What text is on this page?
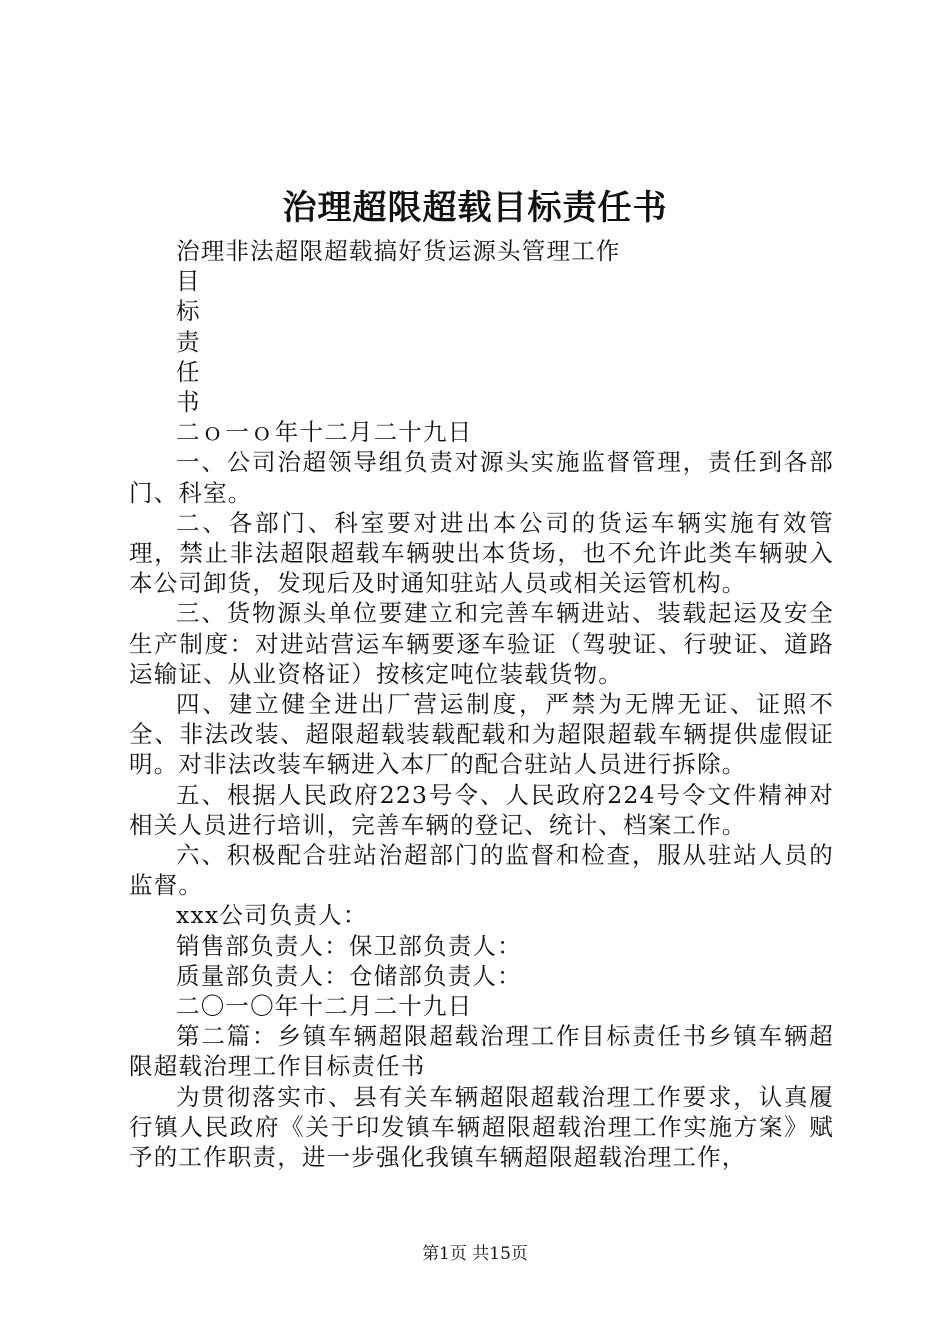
治理超限超载目标责任书

治理非法超限超载搞好货运源头管理工作

目

标

责

任

书

二ｏ一ｏ年十二月二十九日

一、公司治超领导组负责对源头实施监督管理，责任到各部门、科室。

二、各部门、科室要对进出本公司的货运车辆实施有效管理，禁止非法超限超载车辆驶出本货场，也不允许此类车辆驶入本公司卸货，发现后及时通知驻站人员或相关运管机构。

三、货物源头单位要建立和完善车辆进站、装载起运及安全生产制度：对进站营运车辆要逐车验证（驾驶证、行驶证、道路运输证、从业资格证）按核定吨位装载货物。

四、建立健全进出厂营运制度，严禁为无牌无证、证照不全、非法改装、超限超载装载配载和为超限超载车辆提供虚假证明。对非法改装车辆进入本厂的配合驻站人员进行拆除。

五、根据人民政府223号令、人民政府224号令文件精神对相关人员进行培训，完善车辆的登记、统计、档案工作。

六、积极配合驻站治超部门的监督和检查，服从驻站人员的监督。

xxx公司负责人：

销售部负责人：保卫部负责人：

质量部负责人：仓储部负责人：

二〇一〇年十二月二十九日

第二篇：乡镇车辆超限超载治理工作目标责任书乡镇车辆超限超载治理工作目标责任书

为贯彻落实市、县有关车辆超限超载治理工作要求，认真履行镇人民政府《关于印发镇车辆超限超载治理工作实施方案》赋予的工作职责，进一步强化我镇车辆超限超载治理工作，

第1页 共15页
